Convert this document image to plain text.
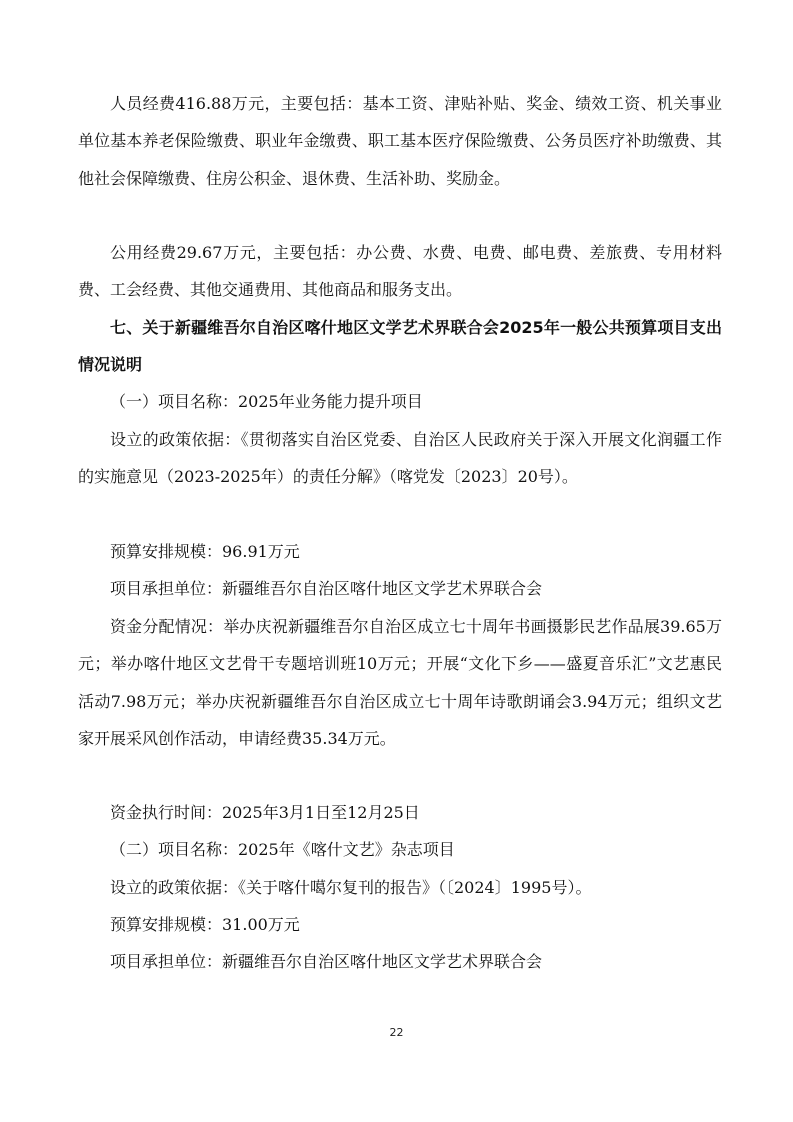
人员经费416.88万元，主要包括：基本工资、津贴补贴、奖金、绩效工资、机关事业单位基本养老保险缴费、职业年金缴费、职工基本医疗保险缴费、公务员医疗补助缴费、其他社会保障缴费、住房公积金、退休费、生活补助、奖励金。

公用经费29.67万元，主要包括：办公费、水费、电费、邮电费、差旅费、专用材料费、工会经费、其他交通费用、其他商品和服务支出。

七、关于新疆维吾尔自治区喀什地区文学艺术界联合会2025年一般公共预算项目支出情况说明

（一）项目名称：2025年业务能力提升项目

设立的政策依据：《贯彻落实自治区党委、自治区人民政府关于深入开展文化润疆工作的实施意见（2023-2025年）的责任分解》（喀党发〔2023〕20号）。

预算安排规模：96.91万元

项目承担单位：新疆维吾尔自治区喀什地区文学艺术界联合会

资金分配情况：举办庆祝新疆维吾尔自治区成立七十周年书画摄影民艺作品展39.65万元；举办喀什地区文艺骨干专题培训班10万元；开展“文化下乡——盛夏音乐汇”文艺惠民活动7.98万元；举办庆祝新疆维吾尔自治区成立七十周年诗歌朗诵会3.94万元；组织文艺家开展采风创作活动，申请经费35.34万元。

资金执行时间：2025年3月1日至12月25日

（二）项目名称：2025年《喀什文艺》杂志项目

设立的政策依据：《关于喀什噶尔复刊的报告》（〔2024〕1995号）。

预算安排规模：31.00万元

项目承担单位：新疆维吾尔自治区喀什地区文学艺术界联合会

22
